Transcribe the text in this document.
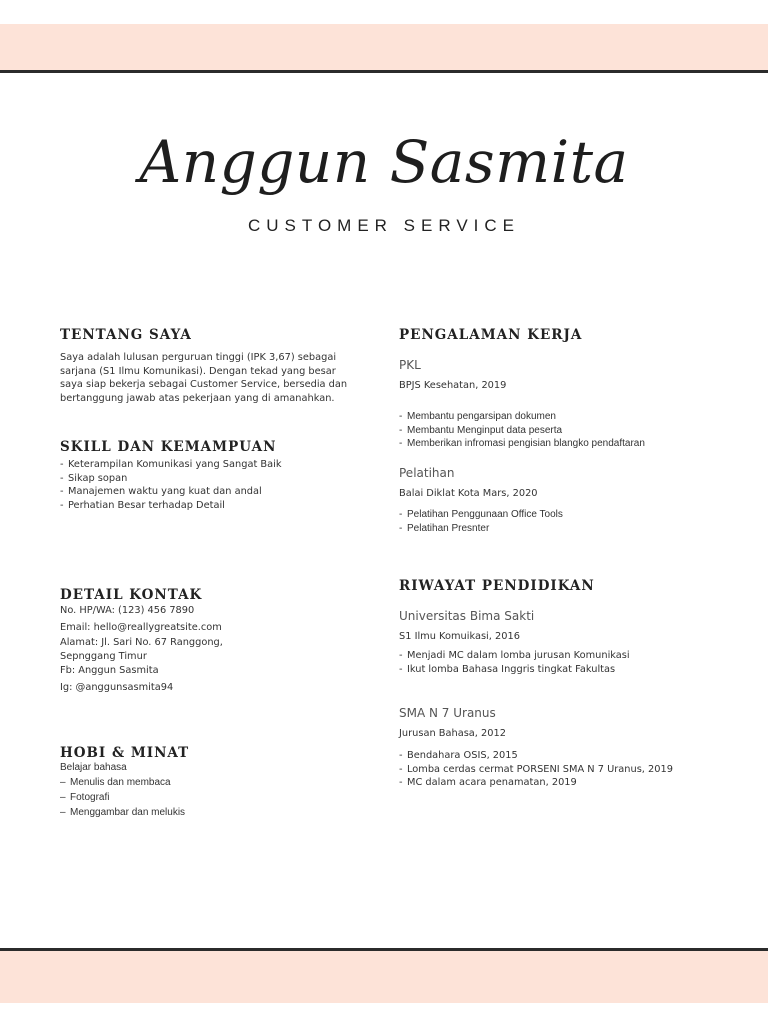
Anggun Sasmita
CUSTOMER SERVICE
TENTANG SAYA

Saya adalah lulusan perguruan tinggi (IPK 3,67) sebagai sarjana (S1 Ilmu Komunikasi). Dengan tekad yang besar saya siap bekerja sebagai Customer Service, bersedia dan bertanggung jawab atas pekerjaan yang di amanahkan.

SKILL DAN KEMAMPUAN
- Keterampilan Komunikasi yang Sangat Baik
- Sikap sopan
- Manajemen waktu yang kuat dan andal
- Perhatian Besar terhadap Detail
DETAIL KONTAK

No. HP/WA: (123) 456 7890

Email: hello@reallygreatsite.com

Alamat: Jl. Sari No. 67 Ranggong, Sepnggang Timur

Fb: Anggun Sasmita

Ig: @anggunsasmita94

HOBI & MINAT

Belajar bahasa

– Menulis dan membaca
– Fotografi
– Menggambar dan melukis
PENGALAMAN KERJA
PKL

BPJS Kesehatan, 2019

- Membantu pengarsipan dokumen
- Membantu Menginput data peserta
- Memberikan infromasi pengisian blangko pendaftaran
Pelatihan

Balai Diklat Kota Mars, 2020

- Pelatihan Penggunaan Office Tools
- Pelatihan Presnter
RIWAYAT PENDIDIKAN
Universitas Bima Sakti

S1 Ilmu Komuikasi, 2016

- Menjadi MC dalam lomba jurusan Komunikasi
- Ikut lomba Bahasa Inggris tingkat Fakultas
SMA N 7 Uranus

Jurusan Bahasa, 2012

- Bendahara OSIS, 2015
- Lomba cerdas cermat PORSENI SMA N 7 Uranus, 2019
- MC dalam acara penamatan, 2019
